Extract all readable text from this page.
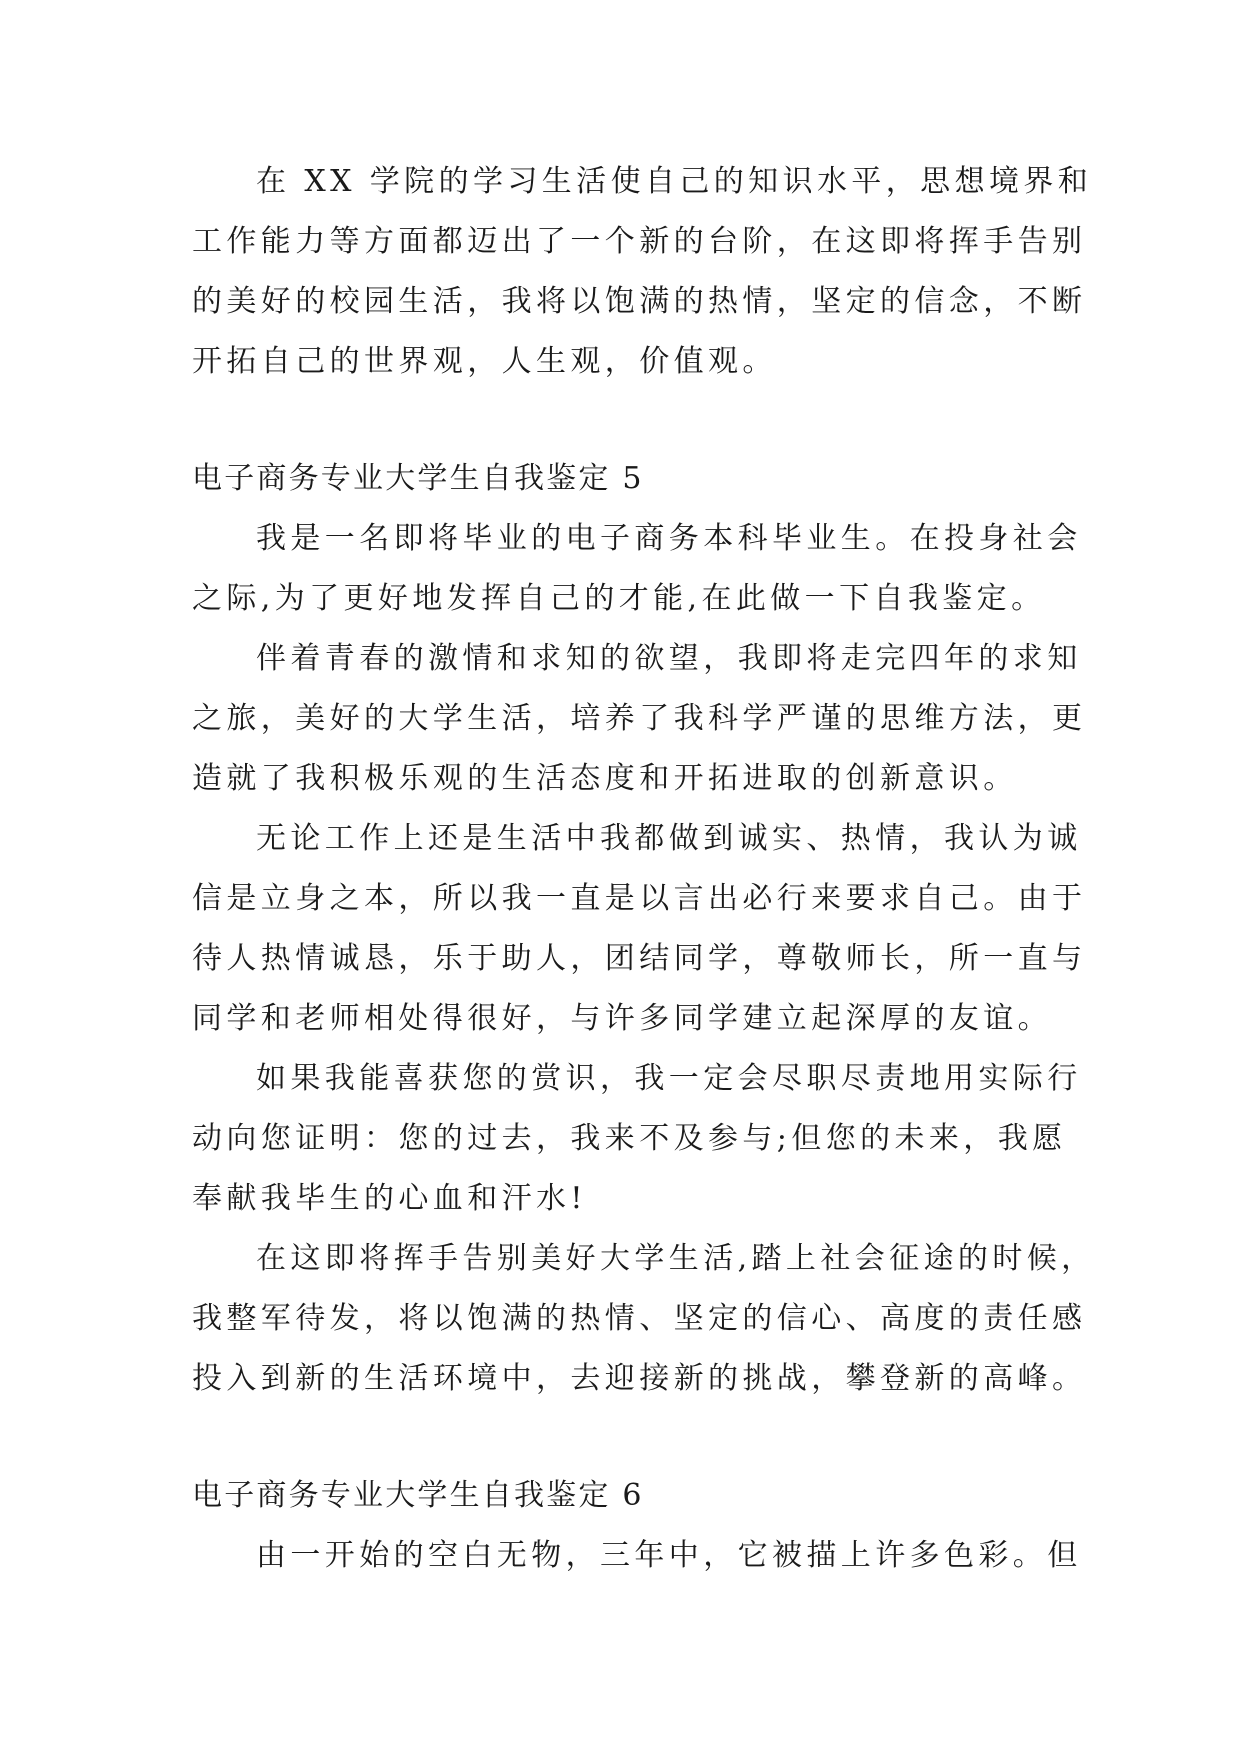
在 XX 学院的学习生活使自己的知识水平，思想境界和
工作能力等方面都迈出了一个新的台阶，在这即将挥手告别
的美好的校园生活，我将以饱满的热情，坚定的信念，不断
开拓自己的世界观，人生观，价值观。
电子商务专业大学生自我鉴定 5
我是一名即将毕业的电子商务本科毕业生。在投身社会
之际,为了更好地发挥自己的才能,在此做一下自我鉴定。
伴着青春的激情和求知的欲望，我即将走完四年的求知
之旅，美好的大学生活，培养了我科学严谨的思维方法，更
造就了我积极乐观的生活态度和开拓进取的创新意识。
无论工作上还是生活中我都做到诚实、热情，我认为诚
信是立身之本，所以我一直是以言出必行来要求自己。由于
待人热情诚恳，乐于助人，团结同学，尊敬师长，所一直与
同学和老师相处得很好，与许多同学建立起深厚的友谊。
如果我能喜获您的赏识，我一定会尽职尽责地用实际行
动向您证明：您的过去，我来不及参与;但您的未来，我愿
奉献我毕生的心血和汗水!
在这即将挥手告别美好大学生活,踏上社会征途的时候，
我整军待发，将以饱满的热情、坚定的信心、高度的责任感
投入到新的生活环境中，去迎接新的挑战，攀登新的高峰。
电子商务专业大学生自我鉴定 6
由一开始的空白无物，三年中，它被描上许多色彩。但
